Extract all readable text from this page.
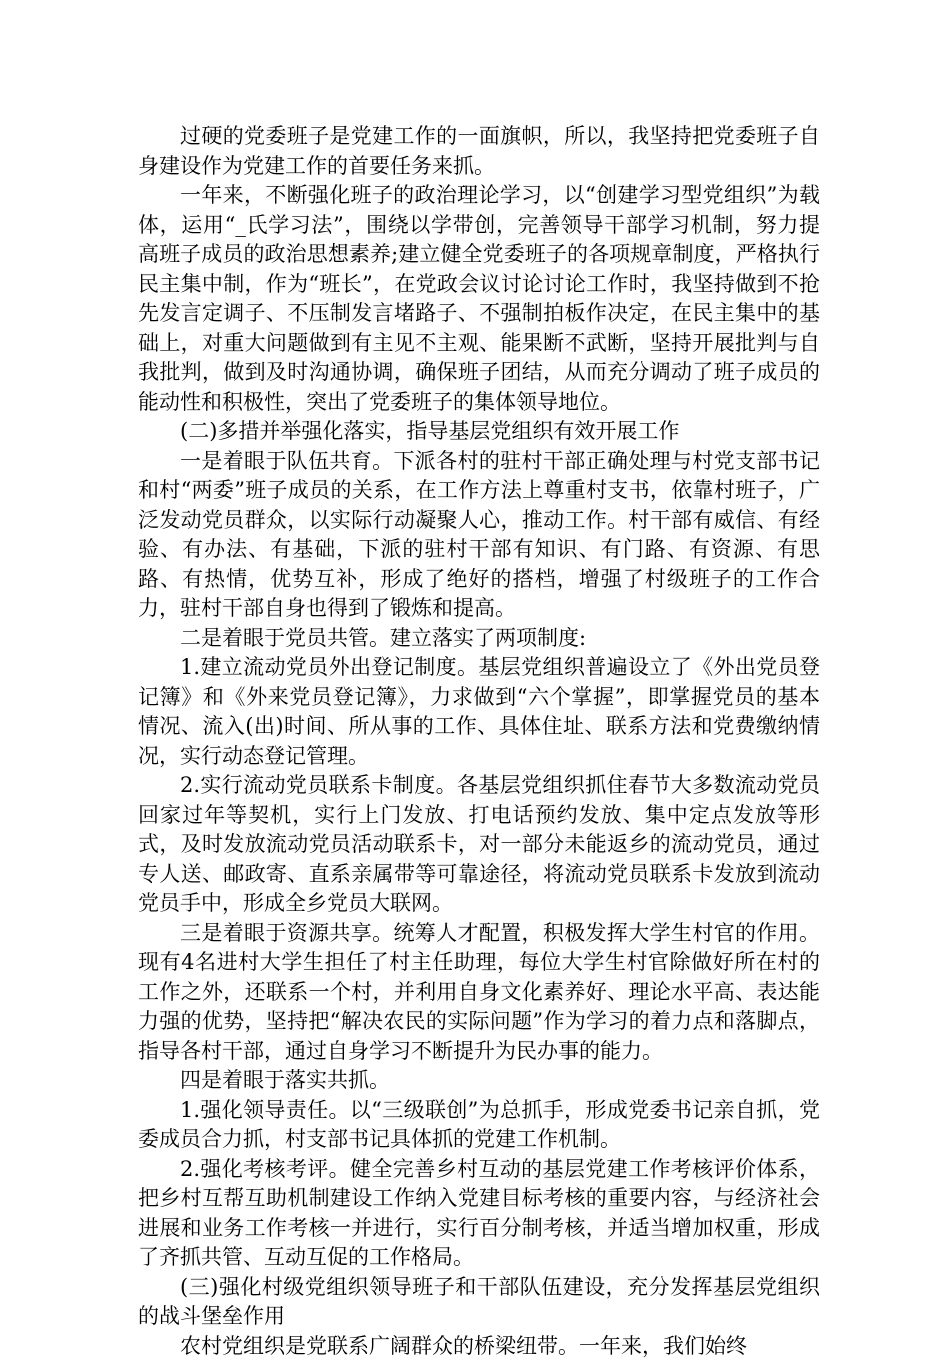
过硬的党委班子是党建工作的一面旗帜，所以，我坚持把党委班子自身建设作为党建工作的首要任务来抓。

一年来，不断强化班子的政治理论学习，以“创建学习型党组织”为载体，运用“_氏学习法”，围绕以学带创，完善领导干部学习机制，努力提高班子成员的政治思想素养;建立健全党委班子的各项规章制度，严格执行民主集中制，作为“班长”，在党政会议讨论讨论工作时，我坚持做到不抢先发言定调子、不压制发言堵路子、不强制拍板作决定，在民主集中的基础上，对重大问题做到有主见不主观、能果断不武断，坚持开展批判与自我批判，做到及时沟通协调，确保班子团结，从而充分调动了班子成员的能动性和积极性，突出了党委班子的集体领导地位。

(二)多措并举强化落实，指导基层党组织有效开展工作

一是着眼于队伍共育。下派各村的驻村干部正确处理与村党支部书记和村“两委”班子成员的关系，在工作方法上尊重村支书，依靠村班子，广泛发动党员群众，以实际行动凝聚人心，推动工作。村干部有威信、有经验、有办法、有基础，下派的驻村干部有知识、有门路、有资源、有思路、有热情，优势互补，形成了绝好的搭档，增强了村级班子的工作合力，驻村干部自身也得到了锻炼和提高。

二是着眼于党员共管。建立落实了两项制度:

1.建立流动党员外出登记制度。基层党组织普遍设立了《外出党员登记簿》和《外来党员登记簿》，力求做到“六个掌握”，即掌握党员的基本情况、流入(出)时间、所从事的工作、具体住址、联系方法和党费缴纳情况，实行动态登记管理。

2.实行流动党员联系卡制度。各基层党组织抓住春节大多数流动党员回家过年等契机，实行上门发放、打电话预约发放、集中定点发放等形式，及时发放流动党员活动联系卡，对一部分未能返乡的流动党员，通过专人送、邮政寄、直系亲属带等可靠途径，将流动党员联系卡发放到流动党员手中，形成全乡党员大联网。

三是着眼于资源共享。统筹人才配置，积极发挥大学生村官的作用。现有4名进村大学生担任了村主任助理，每位大学生村官除做好所在村的工作之外，还联系一个村，并利用自身文化素养好、理论水平高、表达能力强的优势，坚持把“解决农民的实际问题”作为学习的着力点和落脚点，指导各村干部，通过自身学习不断提升为民办事的能力。

四是着眼于落实共抓。

1.强化领导责任。以“三级联创”为总抓手，形成党委书记亲自抓，党委成员合力抓，村支部书记具体抓的党建工作机制。

2.强化考核考评。健全完善乡村互动的基层党建工作考核评价体系，把乡村互帮互助机制建设工作纳入党建目标考核的重要内容，与经济社会进展和业务工作考核一并进行，实行百分制考核，并适当增加权重，形成了齐抓共管、互动互促的工作格局。

(三)强化村级党组织领导班子和干部队伍建设，充分发挥基层党组织的战斗堡垒作用

农村党组织是党联系广阔群众的桥梁纽带。一年来，我们始终
